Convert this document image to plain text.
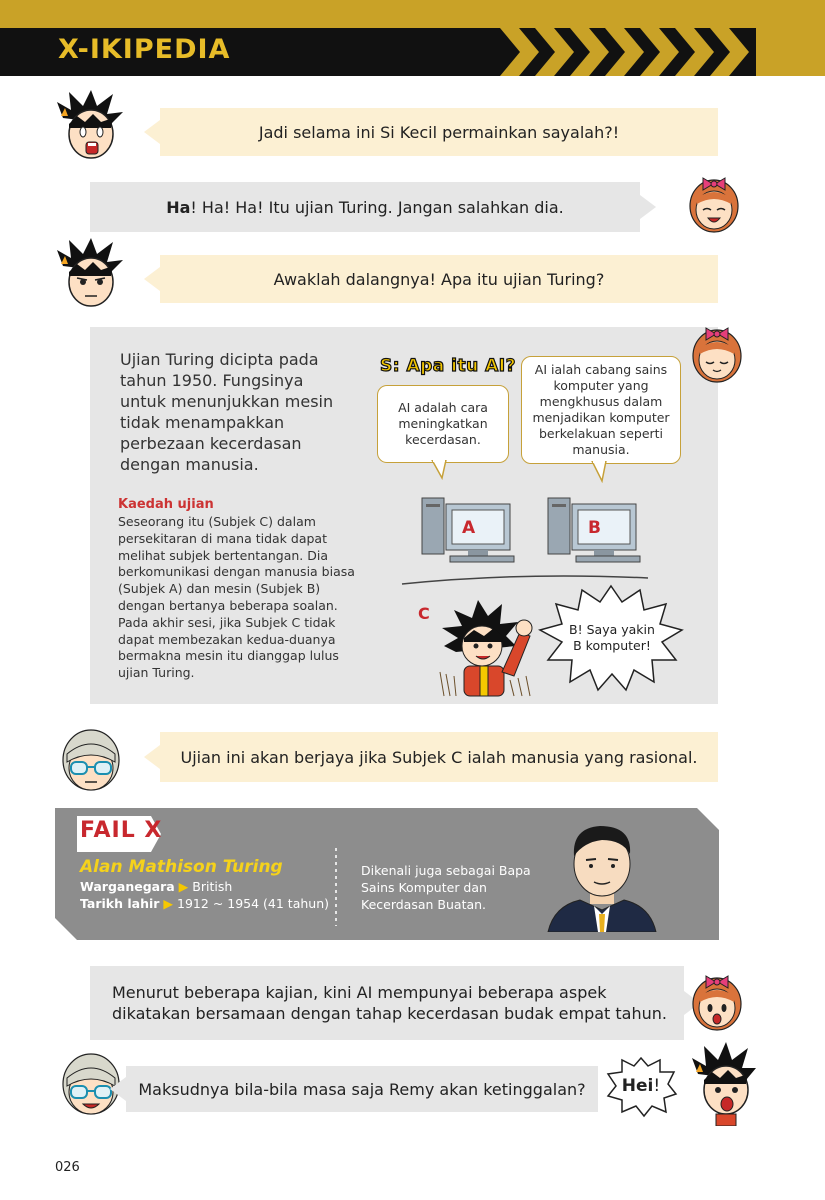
X-IKIPEDIA
Jadi selama ini Si Kecil permainkan sayalah?!
Ha! Ha! Ha! Itu ujian Turing. Jangan salahkan dia.
Awaklah dalangnya! Apa itu ujian Turing?
Ujian Turing dicipta pada tahun 1950. Fungsinya untuk menunjukkan mesin tidak menampakkan perbezaan kecerdasan dengan manusia.
Kaedah ujian
Seseorang itu (Subjek C) dalam persekitaran di mana tidak dapat melihat subjek bertentangan. Dia berkomunikasi dengan manusia biasa (Subjek A) dan mesin (Subjek B) dengan bertanya beberapa soalan. Pada akhir sesi, jika Subjek C tidak dapat membezakan kedua-duanya bermakna mesin itu dianggap lulus ujian Turing.
S: Apa itu AI?
AI adalah cara meningkatkan kecerdasan.
AI ialah cabang sains komputer yang mengkhusus dalam menjadikan komputer berkelakuan seperti manusia.
A	B
C
B! Saya yakin B komputer!
Ujian ini akan berjaya jika Subjek C ialah manusia yang rasional.
FAIL X
Alan Mathison Turing
Warganegara ▶ British
Tarikh lahir ▶ 1912 ~ 1954 (41 tahun)
Dikenali juga sebagai Bapa Sains Komputer dan Kecerdasan Buatan.
Menurut beberapa kajian, kini AI mempunyai beberapa aspek dikatakan bersamaan dengan tahap kecerdasan budak empat tahun.
Maksudnya bila-bila masa saja Remy akan ketinggalan? Hei!
026
